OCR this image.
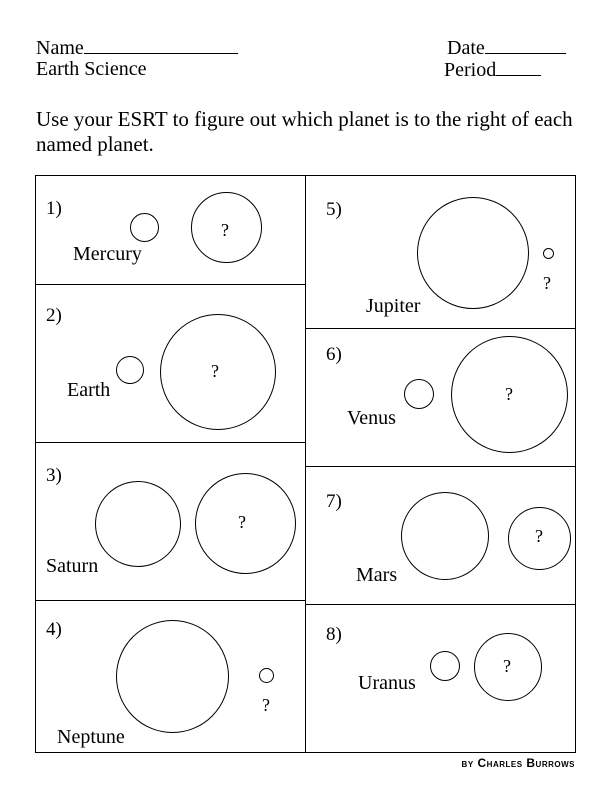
Name
Earth Science
Date
Period
Use your ESRT to figure out which planet is to the right of each named planet.
1)
?
Mercury
2)
?
Earth
3)
?
Saturn
4)
?
Neptune
5)
?
Jupiter
6)
?
Venus
7)
?
Mars
8)
?
Uranus
by Charles Burrows
